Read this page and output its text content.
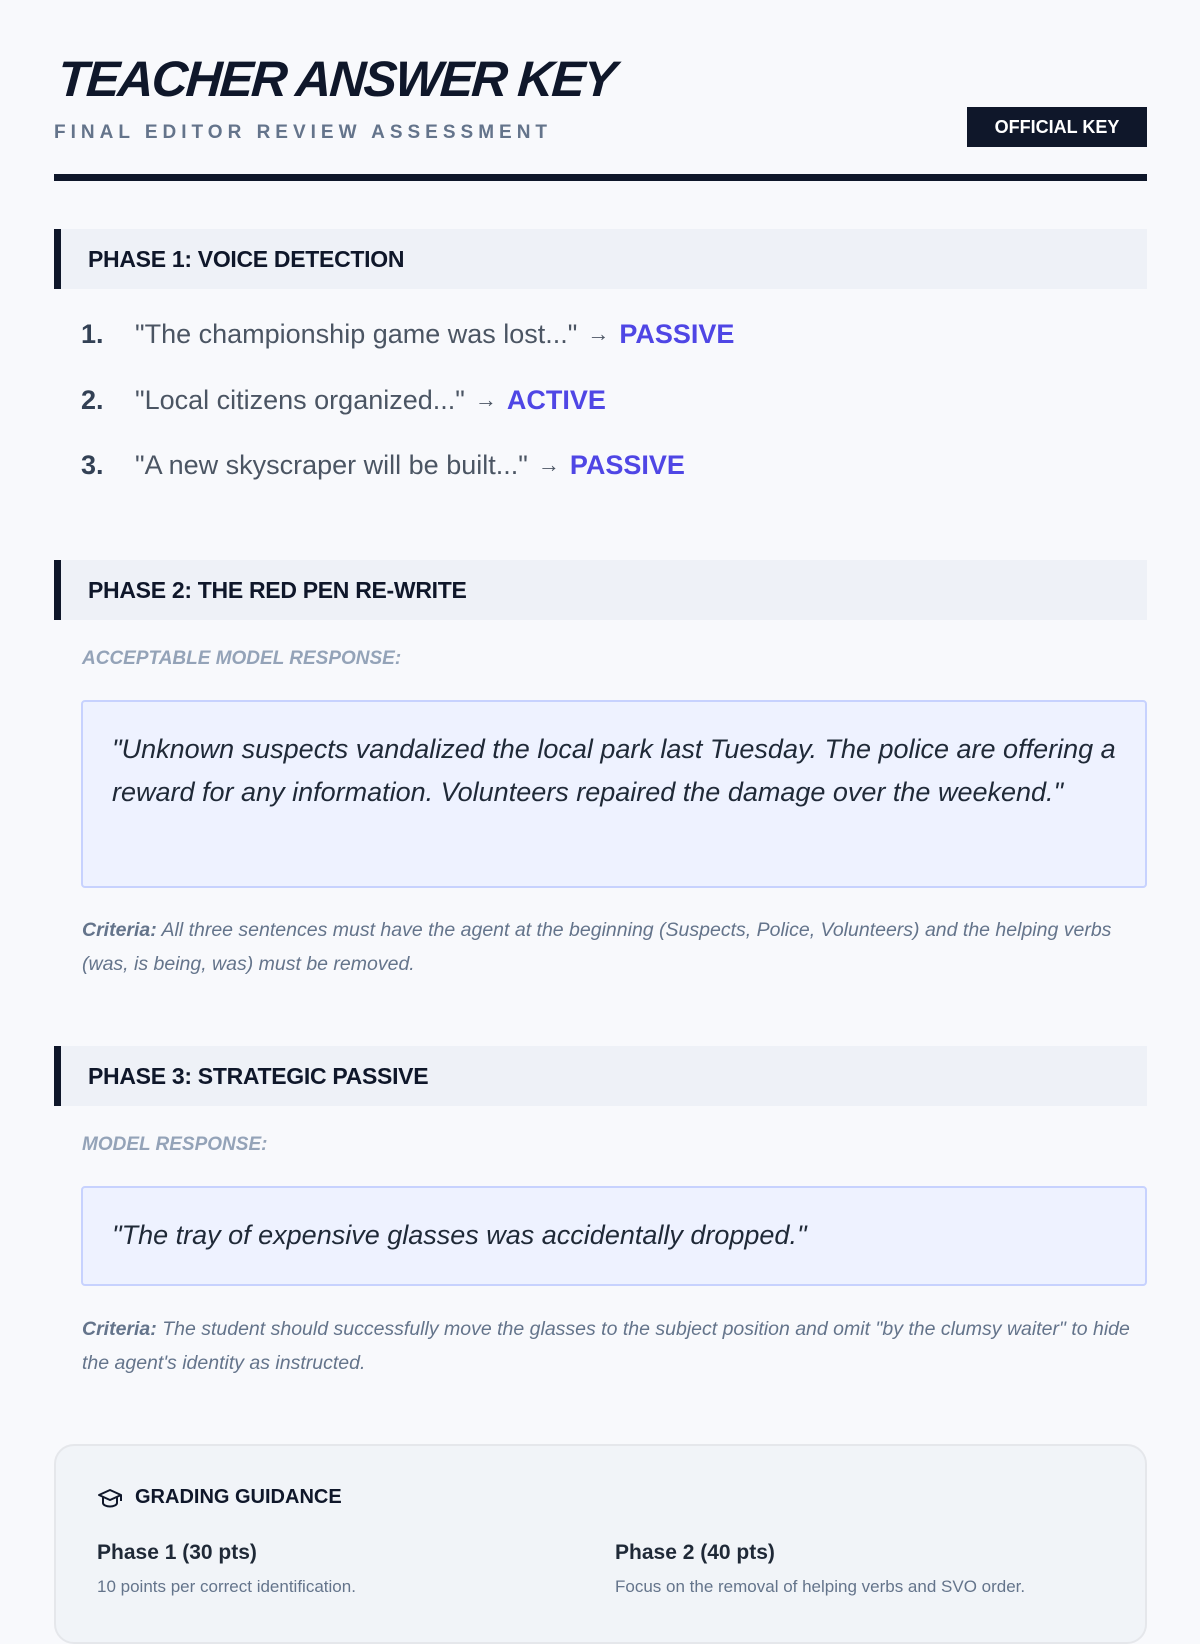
TEACHER ANSWER KEY
FINAL EDITOR REVIEW ASSESSMENT	OFFICIAL KEY
PHASE 1: VOICE DETECTION
1.	"The championship game was lost..." → PASSIVE
2.	"Local citizens organized..." → ACTIVE
3.	"A new skyscraper will be built..." → PASSIVE
PHASE 2: THE RED PEN RE-WRITE
ACCEPTABLE MODEL RESPONSE:
"Unknown suspects vandalized the local park last Tuesday. The police are offering a reward for any information. Volunteers repaired the damage over the weekend."
Criteria: All three sentences must have the agent at the beginning (Suspects, Police, Volunteers) and the helping verbs (was, is being, was) must be removed.
PHASE 3: STRATEGIC PASSIVE
MODEL RESPONSE:
"The tray of expensive glasses was accidentally dropped."
Criteria: The student should successfully move the glasses to the subject position and omit "by the clumsy waiter" to hide the agent's identity as instructed.
GRADING GUIDANCE
Phase 1 (30 pts)
10 points per correct identification.
Phase 2 (40 pts)
Focus on the removal of helping verbs and SVO order.
